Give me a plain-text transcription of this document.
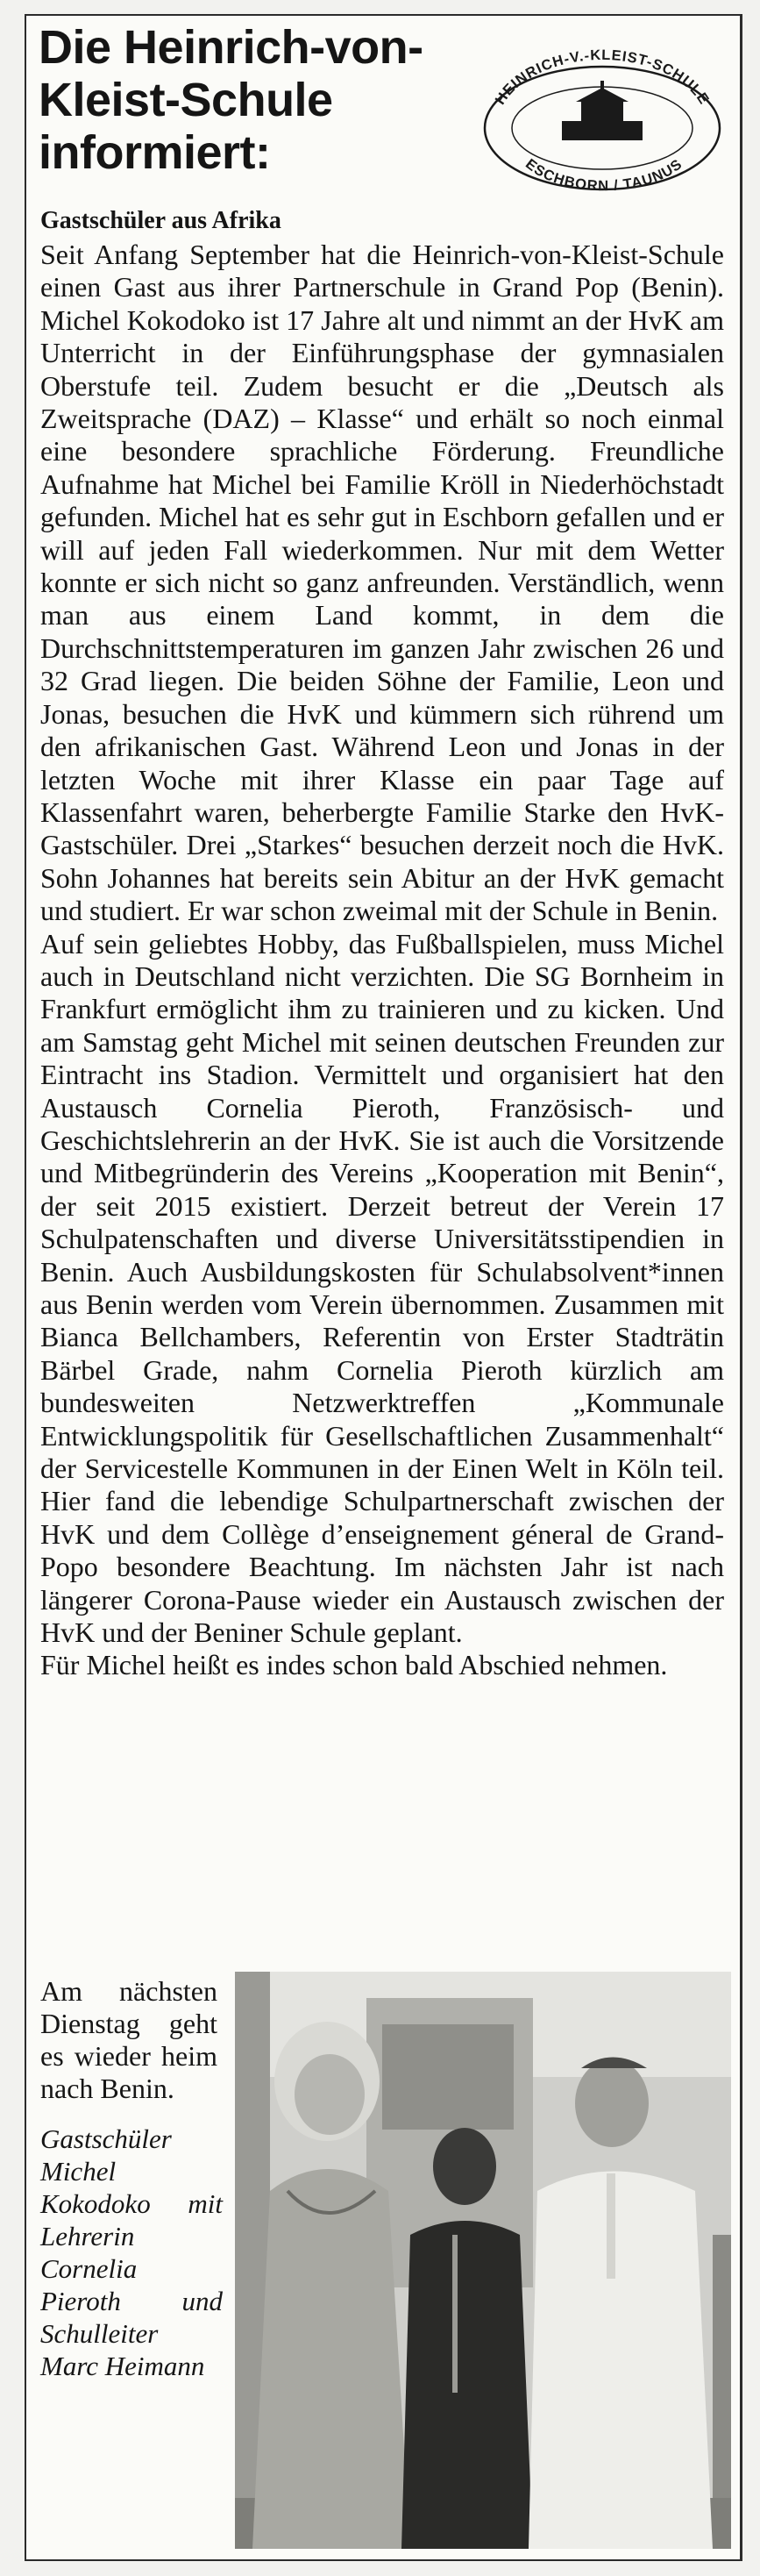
Die Heinrich-von-
Kleist-Schule
informiert:
HEINRICH-V.-KLEIST-SCHULE
ESCHBORN / TAUNUS
Gastschüler aus Afrika

Seit Anfang September hat die Heinrich-von-Kleist-Schule einen Gast aus ihrer Partnerschule in Grand Pop (Benin). Michel Kokodoko ist 17 Jahre alt und nimmt an der HvK am Unterricht in der Einführungsphase der gymnasialen Oberstufe teil. Zudem besucht er die „Deutsch als Zweitsprache (DAZ) – Klasse“ und erhält so noch einmal eine besondere sprachliche Förderung. Freundliche Aufnahme hat Michel bei Familie Kröll in Niederhöchstadt gefunden. Michel hat es sehr gut in Eschborn gefallen und er will auf jeden Fall wiederkommen. Nur mit dem Wetter konnte er sich nicht so ganz anfreunden. Verständlich, wenn man aus einem Land kommt, in dem die Durchschnittstemperaturen im ganzen Jahr zwischen 26 und 32 Grad liegen. Die beiden Söhne der Familie, Leon und Jonas, besuchen die HvK und kümmern sich rührend um den afrikanischen Gast. Während Leon und Jonas in der letzten Woche mit ihrer Klasse ein paar Tage auf Klassenfahrt waren, beherbergte Familie Starke den HvK-Gastschüler. Drei „Starkes“ besuchen derzeit noch die HvK. Sohn Johannes hat bereits sein Abitur an der HvK gemacht und studiert. Er war schon zweimal mit der Schule in Benin.

Auf sein geliebtes Hobby, das Fußballspielen, muss Michel auch in Deutschland nicht verzichten. Die SG Bornheim in Frankfurt ermöglicht ihm zu trainieren und zu kicken. Und am Samstag geht Michel mit seinen deutschen Freunden zur Eintracht ins Stadion. Vermittelt und organisiert hat den Austausch Cornelia Pieroth, Französisch- und Geschichtslehrerin an der HvK. Sie ist auch die Vorsitzende und Mitbegründerin des Vereins „Kooperation mit Benin“, der seit 2015 existiert. Derzeit betreut der Verein 17 Schulpatenschaften und diverse Universitätsstipendien in Benin. Auch Ausbildungskosten für Schulabsolvent*innen aus Benin werden vom Verein übernommen. Zusammen mit Bianca Bellchambers, Referentin von Erster Stadträtin Bärbel Grade, nahm Cornelia Pieroth kürzlich am bundesweiten Netzwerktreffen „Kommunale Entwicklungspolitik für Gesellschaftlichen Zusammenhalt“ der Servicestelle Kommunen in der Einen Welt in Köln teil. Hier fand die lebendige Schulpartnerschaft zwischen der HvK und dem Collège d’enseignement géneral de Grand-Popo besondere Beachtung. Im nächsten Jahr ist nach längerer Corona-Pause wieder ein Austausch zwischen der HvK und der Beniner Schule geplant.

Für Michel heißt es indes schon bald Abschied nehmen.

Am nächsten Dienstag geht es wieder heim nach Benin.

Gastschüler Michel Kokodoko mit Lehrerin Cornelia Pieroth und Schulleiter Marc Heimann
